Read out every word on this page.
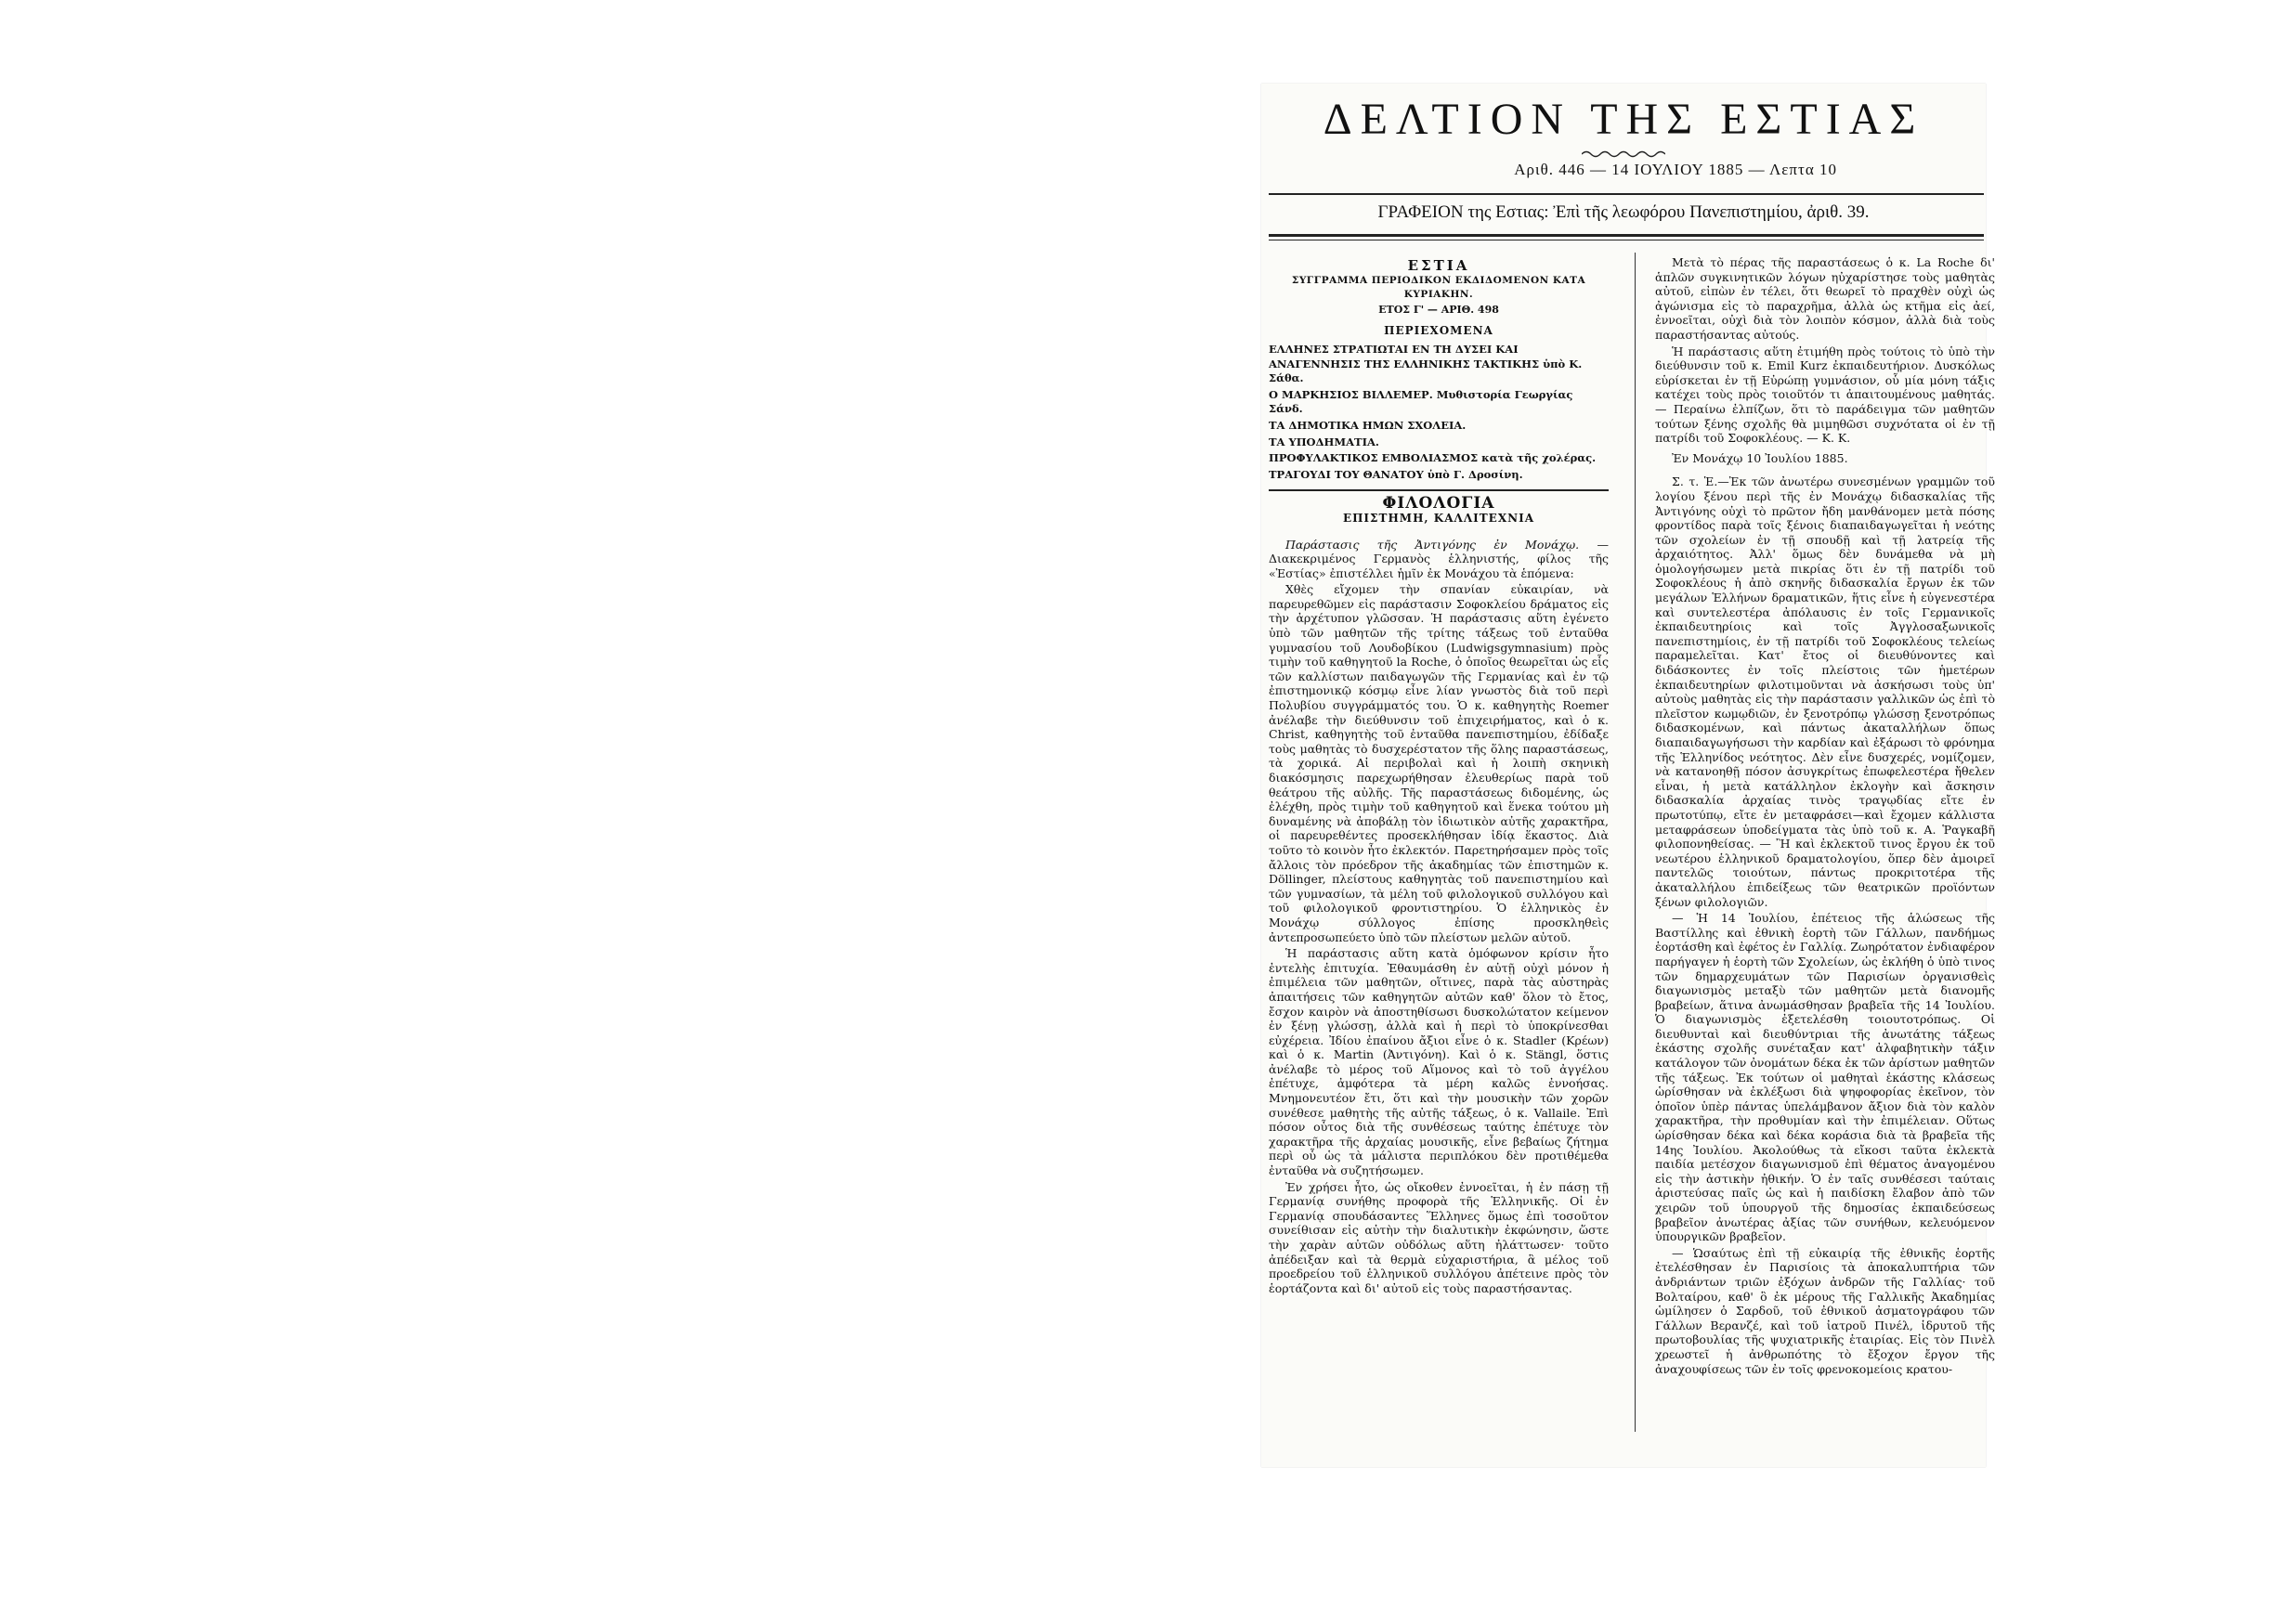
ΔΕΛΤΙΟΝ ΤΗΣ ΕΣΤΙΑΣ
Αριθ. 446 — 14 ΙΟΥΛΙΟΥ 1885 — Λεπτα 10
ΓΡΑΦΕΙΟΝ της Εστιας: Ἐπὶ τῆς λεωφόρου Πανεπιστημίου, ἀριθ. 39.
ΕΣΤΙΑ
ΣΥΓΓΡΑΜΜΑ ΠΕΡΙΟΔΙΚΟΝ ΕΚΔΙΔΟΜΕΝΟΝ ΚΑΤΑ ΚΥΡΙΑΚΗΝ.
ΕΤΟΣ Γ' — ΑΡΙΘ. 498
ΠΕΡΙΕΧΟΜΕΝΑ
ΕΛΛΗΝΕΣ ΣΤΡΑΤΙΩΤΑΙ ΕΝ ΤΗ ΔΥΣΕΙ ΚΑΙ ΑΝΑΓΕΝΝΗΣΙΣ ΤΗΣ ΕΛΛΗΝΙΚΗΣ ΤΑΚΤΙΚΗΣ ὑπὸ Κ. Σάθα.
Ο ΜΑΡΚΗΣΙΟΣ ΒΙΛΛΕΜΕΡ. Μυθιστορία Γεωργίας Σάνδ.
ΤΑ ΔΗΜΟΤΙΚΑ ΗΜΩΝ ΣΧΟΛΕΙΑ.
ΤΑ ΥΠΟΔΗΜΑΤΙΑ.
ΠΡΟΦΥΛΑΚΤΙΚΟΣ ΕΜΒΟΛΙΑΣΜΟΣ κατὰ τῆς χολέρας.
ΤΡΑΓΟΥΔΙ ΤΟΥ ΘΑΝΑΤΟΥ ὑπὸ Γ. Δροσίνη.
ΦΙΛΟΛΟΓΙΑ
ΕΠΙΣΤΗΜΗ, ΚΑΛΛΙΤΕΧΝΙΑ

Παράστασις τῆς Ἀντιγόνης ἐν Μονάχῳ. — Διακεκριμένος Γερμανὸς ἑλληνιστής, φίλος τῆς «Ἑστίας» ἐπιστέλλει ἡμῖν ἐκ Μονάχου τὰ ἑπόμενα:

Χθὲς εἴχομεν τὴν σπανίαν εὐκαιρίαν, νὰ παρευρεθῶμεν εἰς παράστασιν Σοφοκλείου δράματος εἰς τὴν ἀρχέτυπον γλῶσσαν. Ἡ παράστασις αὕτη ἐγένετο ὑπὸ τῶν μαθητῶν τῆς τρίτης τάξεως τοῦ ἐνταῦθα γυμνασίου τοῦ Λουδοβίκου (Ludwigsgymnasium) πρὸς τιμὴν τοῦ καθηγητοῦ la Roche, ὁ ὁποῖος θεωρεῖται ὡς εἷς τῶν καλλίστων παιδαγωγῶν τῆς Γερμανίας καὶ ἐν τῷ ἐπιστημονικῷ κόσμῳ εἶνε λίαν γνωστὸς διὰ τοῦ περὶ Πολυβίου συγγράμματός του. Ὁ κ. καθηγητὴς Roemer ἀνέλαβε τὴν διεύθυνσιν τοῦ ἐπιχειρήματος, καὶ ὁ κ. Christ, καθηγητὴς τοῦ ἐνταῦθα πανεπιστημίου, ἐδίδαξε τοὺς μαθητὰς τὸ δυσχερέστατον τῆς ὅλης παραστάσεως, τὰ χορικά. Αἱ περιβολαὶ καὶ ἡ λοιπὴ σκηνικὴ διακόσμησις παρεχωρήθησαν ἐλευθερίως παρὰ τοῦ θεάτρου τῆς αὐλῆς. Τῆς παραστάσεως διδομένης, ὡς ἐλέχθη, πρὸς τιμὴν τοῦ καθηγητοῦ καὶ ἕνεκα τούτου μὴ δυναμένης νὰ ἀποβάλῃ τὸν ἰδιωτικὸν αὐτῆς χαρακτῆρα, οἱ παρευρεθέντες προσεκλήθησαν ἰδίᾳ ἕκαστος. Διὰ τοῦτο τὸ κοινὸν ἦτο ἐκλεκτόν. Παρετηρήσαμεν πρὸς τοῖς ἄλλοις τὸν πρόεδρον τῆς ἀκαδημίας τῶν ἐπιστημῶν κ. Döllinger, πλείστους καθηγητὰς τοῦ πανεπιστημίου καὶ τῶν γυμνασίων, τὰ μέλη τοῦ φιλολογικοῦ συλλόγου καὶ τοῦ φιλολογικοῦ φροντιστηρίου. Ὁ ἑλληνικὸς ἐν Μονάχῳ σύλλογος ἐπίσης προσκληθεὶς ἀντεπροσωπεύετο ὑπὸ τῶν πλείστων μελῶν αὐτοῦ.

Ἡ παράστασις αὕτη κατὰ ὁμόφωνον κρίσιν ἦτο ἐντελὴς ἐπιτυχία. Ἐθαυμάσθη ἐν αὐτῇ οὐχὶ μόνον ἡ ἐπιμέλεια τῶν μαθητῶν, οἵτινες, παρὰ τὰς αὐστηρὰς ἀπαιτήσεις τῶν καθηγητῶν αὐτῶν καθ' ὅλον τὸ ἔτος, ἔσχον καιρὸν νὰ ἀποστηθίσωσι δυσκολώτατον κείμενον ἐν ξένῃ γλώσσῃ, ἀλλὰ καὶ ἡ περὶ τὸ ὑποκρίνεσθαι εὐχέρεια. Ἰδίου ἐπαίνου ἄξιοι εἶνε ὁ κ. Stadler (Κρέων) καὶ ὁ κ. Martin (Ἀντιγόνη). Καὶ ὁ κ. Stängl, ὅστις ἀνέλαβε τὸ μέρος τοῦ Αἵμονος καὶ τὸ τοῦ ἀγγέλου ἐπέτυχε, ἀμφότερα τὰ μέρη καλῶς ἐννοήσας. Μνημονευτέον ἔτι, ὅτι καὶ τὴν μουσικὴν τῶν χορῶν συνέθεσε μαθητὴς τῆς αὐτῆς τάξεως, ὁ κ. Vallaile. Ἐπὶ πόσον οὗτος διὰ τῆς συνθέσεως ταύτης ἐπέτυχε τὸν χαρακτῆρα τῆς ἀρχαίας μουσικῆς, εἶνε βεβαίως ζήτημα περὶ οὗ ὡς τὰ μάλιστα περιπλόκου δὲν προτιθέμεθα ἐνταῦθα νὰ συζητήσωμεν.

Ἐν χρήσει ἦτο, ὡς οἴκοθεν ἐννοεῖται, ἡ ἐν πάσῃ τῇ Γερμανίᾳ συνήθης προφορὰ τῆς Ἑλληνικῆς. Οἱ ἐν Γερμανίᾳ σπουδάσαντες Ἕλληνες ὅμως ἐπὶ τοσοῦτον συνείθισαν εἰς αὐτὴν τὴν διαλυτικὴν ἐκφώνησιν, ὥστε τὴν χαρὰν αὐτῶν οὐδόλως αὕτη ἠλάττωσεν· τοῦτο ἀπέδειξαν καὶ τὰ θερμὰ εὐχαριστήρια, ἃ μέλος τοῦ προεδρείου τοῦ ἑλληνικοῦ συλλόγου ἀπέτεινε πρὸς τὸν ἑορτάζοντα καὶ δι' αὐτοῦ εἰς τοὺς παραστήσαντας.

Μετὰ τὸ πέρας τῆς παραστάσεως ὁ κ. La Roche δι' ἁπλῶν συγκινητικῶν λόγων ηὐχαρίστησε τοὺς μαθητὰς αὐτοῦ, εἰπὼν ἐν τέλει, ὅτι θεωρεῖ τὸ πραχθὲν οὐχὶ ὡς ἀγώνισμα εἰς τὸ παραχρῆμα, ἀλλὰ ὡς κτῆμα εἰς ἀεί, ἐννοεῖται, οὐχὶ διὰ τὸν λοιπὸν κόσμον, ἀλλὰ διὰ τοὺς παραστήσαντας αὐτούς.

Ἡ παράστασις αὕτη ἐτιμήθη πρὸς τούτοις τὸ ὑπὸ τὴν διεύθυνσιν τοῦ κ. Emil Kurz ἐκπαιδευτήριον. Δυσκόλως εὑρίσκεται ἐν τῇ Εὐρώπῃ γυμνάσιον, οὗ μία μόνη τάξις κατέχει τοὺς πρὸς τοιοῦτόν τι ἀπαιτουμένους μαθητάς.— Περαίνω ἐλπίζων, ὅτι τὸ παράδειγμα τῶν μαθητῶν τούτων ξένης σχολῆς θὰ μιμηθῶσι συχνότατα οἱ ἐν τῇ πατρίδι τοῦ Σοφοκλέους. — Κ. Κ.

Ἐν Μονάχῳ 10 Ἰουλίου 1885.

Σ. τ. Ἑ.—Ἐκ τῶν ἀνωτέρω συνεσμένων γραμμῶν τοῦ λογίου ξένου περὶ τῆς ἐν Μονάχῳ διδασκαλίας τῆς Ἀντιγόνης οὐχὶ τὸ πρῶτον ἤδη μανθάνομεν μετὰ πόσης φροντίδος παρὰ τοῖς ξένοις διαπαιδαγωγεῖται ἡ νεότης τῶν σχολείων ἐν τῇ σπουδῇ καὶ τῇ λατρείᾳ τῆς ἀρχαιότητος. Ἀλλ' ὅμως δὲν δυνάμεθα νὰ μὴ ὁμολογήσωμεν μετὰ πικρίας ὅτι ἐν τῇ πατρίδι τοῦ Σοφοκλέους ἡ ἀπὸ σκηνῆς διδασκαλία ἔργων ἐκ τῶν μεγάλων Ἑλλήνων δραματικῶν, ἥτις εἶνε ἡ εὐγενεστέρα καὶ συντελεστέρα ἀπόλαυσις ἐν τοῖς Γερμανικοῖς ἐκπαιδευτηρίοις καὶ τοῖς Ἀγγλοσαξωνικοῖς πανεπιστημίοις, ἐν τῇ πατρίδι τοῦ Σοφοκλέους τελείως παραμελεῖται. Κατ' ἔτος οἱ διευθύνοντες καὶ διδάσκοντες ἐν τοῖς πλείστοις τῶν ἡμετέρων ἐκπαιδευτηρίων φιλοτιμοῦνται νὰ ἀσκήσωσι τοὺς ὑπ' αὐτοὺς μαθητὰς εἰς τὴν παράστασιν γαλλικῶν ὡς ἐπὶ τὸ πλεῖστον κωμῳδιῶν, ἐν ξενοτρόπῳ γλώσσῃ ξενοτρόπως διδασκομένων, καὶ πάντως ἀκαταλλήλων ὅπως διαπαιδαγωγήσωσι τὴν καρδίαν καὶ ἐξάρωσι τὸ φρόνημα τῆς Ἑλληνίδος νεότητος. Δὲν εἶνε δυσχερές, νομίζομεν, νὰ κατανοηθῇ πόσον ἀσυγκρίτως ἐπωφελεστέρα ἤθελεν εἶναι, ἡ μετὰ κατάλληλον ἐκλογὴν καὶ ἄσκησιν διδασκαλία ἀρχαίας τινὸς τραγῳδίας εἴτε ἐν πρωτοτύπῳ, εἴτε ἐν μεταφράσει—καὶ ἔχομεν κάλλιστα μεταφράσεων ὑποδείγματα τὰς ὑπὸ τοῦ κ. Α. Ῥαγκαβῆ φιλοπονηθείσας. — Ἢ καὶ ἐκλεκτοῦ τινος ἔργου ἐκ τοῦ νεωτέρου ἑλληνικοῦ δραματολογίου, ὅπερ δὲν ἀμοιρεῖ παντελῶς τοιούτων, πάντως προκριτοτέρα τῆς ἀκαταλλήλου ἐπιδείξεως τῶν θεατρικῶν προϊόντων ξένων φιλολογιῶν.

— Ἡ 14 Ἰουλίου, ἐπέτειος τῆς ἁλώσεως τῆς Βαστίλλης καὶ ἐθνικὴ ἑορτὴ τῶν Γάλλων, πανδήμως ἑορτάσθη καὶ ἐφέτος ἐν Γαλλίᾳ. Ζωηρότατον ἐνδιαφέρον παρήγαγεν ἡ ἑορτὴ τῶν Σχολείων, ὡς ἐκλήθη ὁ ὑπὸ τινος τῶν δημαρχευμάτων τῶν Παρισίων ὀργανισθεὶς διαγωνισμὸς μεταξὺ τῶν μαθητῶν μετὰ διανομῆς βραβείων, ἅτινα ἀνωμάσθησαν βραβεῖα τῆς 14 Ἰουλίου. Ὁ διαγωνισμὸς ἐξετελέσθη τοιουτοτρόπως. Οἱ διευθυνταὶ καὶ διευθύντριαι τῆς ἀνωτάτης τάξεως ἑκάστης σχολῆς συνέταξαν κατ' ἀλφαβητικὴν τάξιν κατάλογον τῶν ὀνομάτων δέκα ἐκ τῶν ἀρίστων μαθητῶν τῆς τάξεως. Ἐκ τούτων οἱ μαθηταὶ ἑκάστης κλάσεως ὡρίσθησαν νὰ ἐκλέξωσι διὰ ψηφοφορίας ἐκεῖνον, τὸν ὁποῖον ὑπὲρ πάντας ὑπελάμβανον ἄξιον διὰ τὸν καλὸν χαρακτῆρα, τὴν προθυμίαν καὶ τὴν ἐπιμέλειαν. Οὕτως ὡρίσθησαν δέκα καὶ δέκα κοράσια διὰ τὰ βραβεῖα τῆς 14ης Ἰουλίου. Ἀκολούθως τὰ εἴκοσι ταῦτα ἐκλεκτὰ παιδία μετέσχον διαγωνισμοῦ ἐπὶ θέματος ἀναγομένου εἰς τὴν ἀστικὴν ἠθικήν. Ὁ ἐν ταῖς συνθέσεσι ταύταις ἀριστεύσας παῖς ὡς καὶ ἡ παιδίσκη ἔλαβον ἀπὸ τῶν χειρῶν τοῦ ὑπουργοῦ τῆς δημοσίας ἐκπαιδεύσεως βραβεῖον ἀνωτέρας ἀξίας τῶν συνήθων, κελευόμενον ὑπουργικῶν βραβεῖον.

— Ὡσαύτως ἐπὶ τῇ εὐκαιρίᾳ τῆς ἐθνικῆς ἑορτῆς ἐτελέσθησαν ἐν Παρισίοις τὰ ἀποκαλυπτήρια τῶν ἀνδριάντων τριῶν ἐξόχων ἀνδρῶν τῆς Γαλλίας· τοῦ Βολταίρου, καθ' ὃ ἐκ μέρους τῆς Γαλλικῆς Ἀκαδημίας ὡμίλησεν ὁ Σαρδοῦ, τοῦ ἐθνικοῦ ἀσματογράφου τῶν Γάλλων Βερανζέ, καὶ τοῦ ἰατροῦ Πινέλ, ἱδρυτοῦ τῆς πρωτοβουλίας τῆς ψυχιατρικῆς ἑταιρίας. Εἰς τὸν Πινὲλ χρεωστεῖ ἡ ἀνθρωπότης τὸ ἔξοχον ἔργον τῆς ἀναχουφίσεως τῶν ἐν τοῖς φρενοκομείοις κρατου-
